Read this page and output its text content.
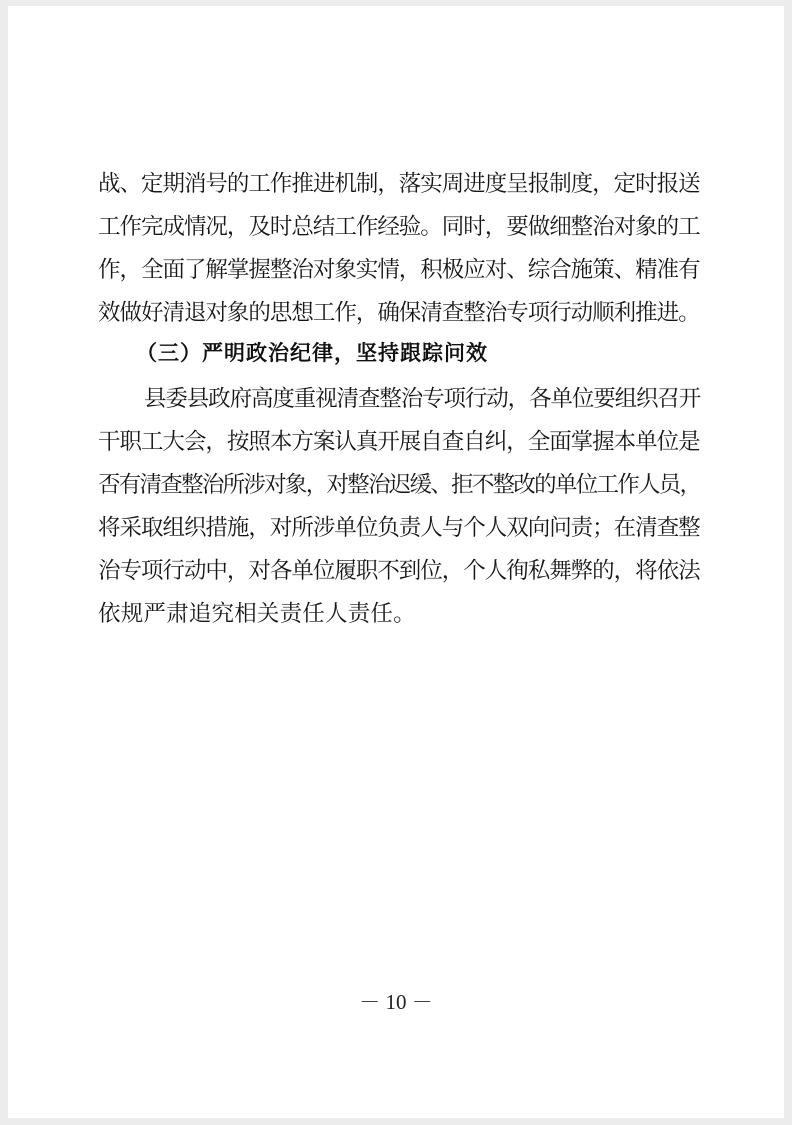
战、定期消号的工作推进机制，落实周进度呈报制度，定时报送
工作完成情况，及时总结工作经验。同时，要做细整治对象的工
作，全面了解掌握整治对象实情，积极应对、综合施策、精准有
效做好清退对象的思想工作，确保清查整治专项行动顺利推进。
（三）严明政治纪律，坚持跟踪问效
县委县政府高度重视清查整治专项行动，各单位要组织召开
干职工大会，按照本方案认真开展自查自纠，全面掌握本单位是
否有清查整治所涉对象，对整治迟缓、拒不整改的单位工作人员，
将采取组织措施，对所涉单位负责人与个人双向问责；在清查整
治专项行动中，对各单位履职不到位，个人徇私舞弊的，将依法
依规严肃追究相关责任人责任。
－ 10 －
